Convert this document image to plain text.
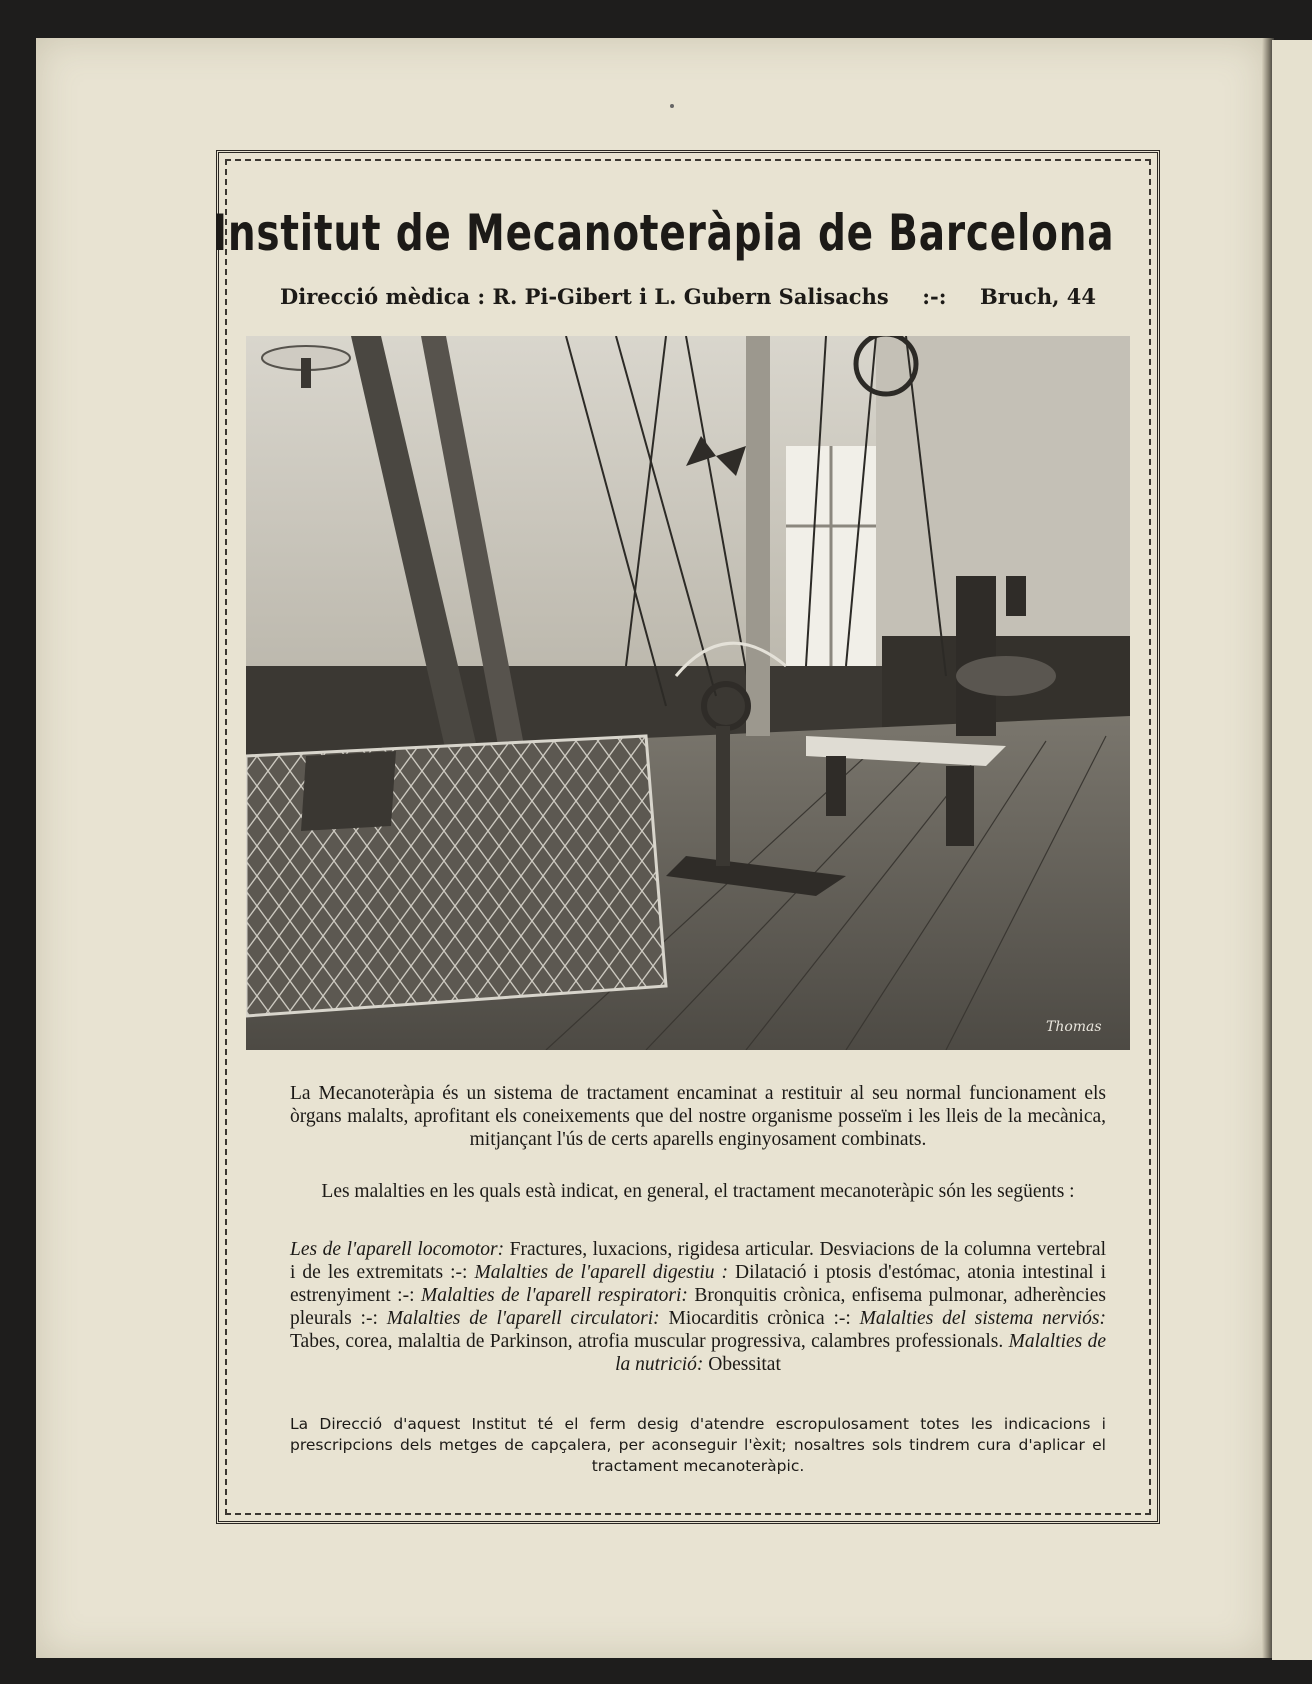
Institut de Mecanoteràpia de Barcelona
Direcció mèdica : R. Pi-Gibert i L. Gubern Salisachs :-: Bruch, 44
Thomas
La Mecanoteràpia és un sistema de tractament encaminat a restituir al seu normal funcionament els òrgans malalts, aprofitant els coneixements que del nostre organisme posseïm i les lleis de la mecànica, mitjançant l'ús de certs aparells enginyosament combinats.
Les malalties en les quals està indicat, en general, el tractament mecanoteràpic són les següents :
Les de l'aparell locomotor: Fractures, luxacions, rigidesa articular. Desviacions de la columna vertebral i de les extremitats :-: Malalties de l'aparell digestiu : Dilatació i ptosis d'estómac, atonia intestinal i estrenyiment :-: Malalties de l'aparell respiratori: Bronquitis crònica, enfisema pulmonar, adherències pleurals :-: Malalties de l'aparell circulatori: Miocarditis crònica :-: Malalties del sistema nerviós: Tabes, corea, malaltia de Parkinson, atrofia muscular progressiva, calambres professionals. Malalties de la nutrició: Obessitat
La Direcció d'aquest Institut té el ferm desig d'atendre escropulosament totes les indicacions i prescripcions dels metges de capçalera, per aconseguir l'èxit; nosaltres sols tindrem cura d'aplicar el tractament mecanoteràpic.
